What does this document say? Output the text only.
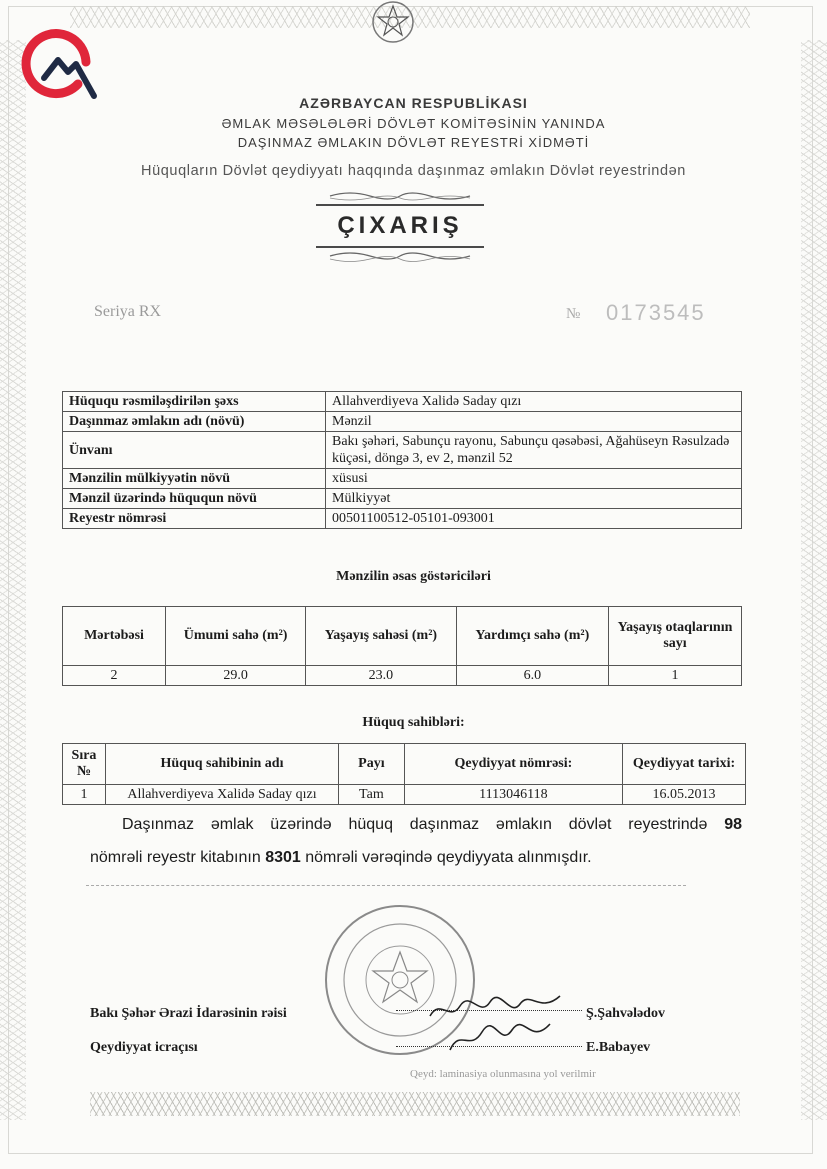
AZƏRBAYCAN RESPUBLİKASI
ƏMLAK MƏSƏLƏLƏRİ DÖVLƏT KOMİTƏSİNİN YANINDA
DAŞINMAZ ƏMLAKIN DÖVLƏT REYESTRİ XİDMƏTİ
Hüquqların Dövlət qeydiyyatı haqqında daşınmaz əmlakın Dövlət reyestrindən
ÇIXARIŞ
Seriya RX	№ 0173545
Hüququ rəsmiləşdirilən şəxs	Allahverdiyeva Xalidə Saday qızı
Daşınmaz əmlakın adı (növü)	Mənzil
Ünvanı	Bakı şəhəri, Sabunçu rayonu, Sabunçu qəsəbəsi, Ağahüseyn Rəsulzadə küçəsi, döngə 3, ev 2, mənzil 52
Mənzilin mülkiyyətin növü	xüsusi
Mənzil üzərində hüququn növü	Mülkiyyət
Reyestr nömrəsi	00501100512-05101-093001
Mənzilin əsas göstəriciləri
Mərtəbəsi	Ümumi sahə (m²)	Yaşayış sahəsi (m²)	Yardımçı sahə (m²)	Yaşayış otaqlarının sayı
2	29.0	23.0	6.0	1
Hüquq sahibləri:
Sıra №	Hüquq sahibinin adı	Payı	Qeydiyyat nömrəsi:	Qeydiyyat tarixi:
1	Allahverdiyeva Xalidə Saday qızı	Tam	1113046118	16.05.2013
Daşınmaz əmlak üzərində hüquq daşınmaz əmlakın dövlət reyestrində 98
nömrəli reyestr kitabının 8301 nömrəli vərəqində qeydiyyata alınmışdır.
Bakı Şəhər Ərazi İdarəsinin rəisi	Ş.Şahvələdov
Qeydiyyat icraçısı	E.Babayev
Qeyd: laminasiya olunmasına yol verilmir
